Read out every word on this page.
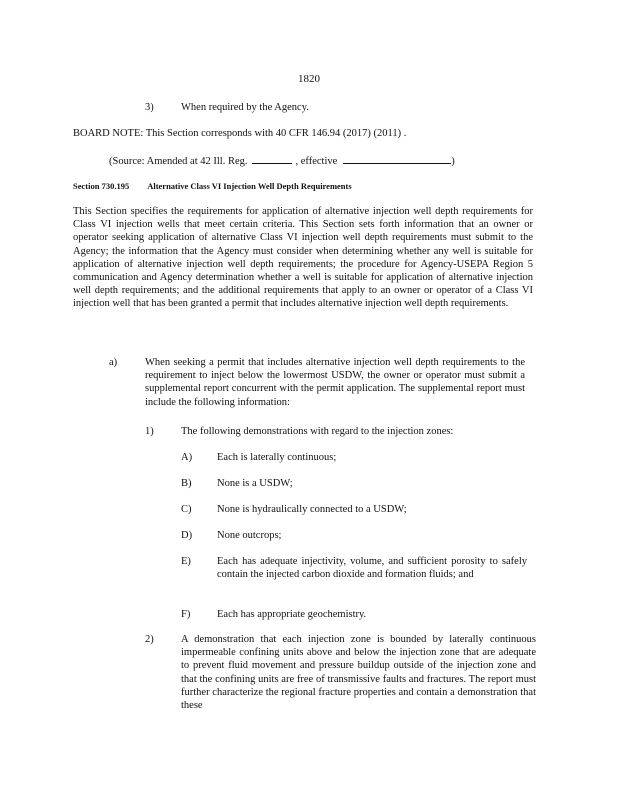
1820
3)	When required by the Agency.
BOARD NOTE: This Section corresponds with 40 CFR 146.94 (2017) (2011) .
(Source: Amended at 42 Ill. Reg.	, effective	)
Section 730.195 Alternative Class VI Injection Well Depth Requirements
This Section specifies the requirements for application of alternative injection well depth requirements for Class VI injection wells that meet certain criteria. This Section sets forth information that an owner or operator seeking application of alternative Class VI injection well depth requirements must submit to the Agency; the information that the Agency must consider when determining whether any well is suitable for application of alternative injection well depth requirements; the procedure for Agency-USEPA Region 5 communication and Agency determination whether a well is suitable for application of alternative injection well depth requirements; and the additional requirements that apply to an owner or operator of a Class VI injection well that has been granted a permit that includes alternative injection well depth requirements.
a)	When seeking a permit that includes alternative injection well depth requirements to the requirement to inject below the lowermost USDW, the owner or operator must submit a supplemental report concurrent with the permit application. The supplemental report must include the following information:
1)	The following demonstrations with regard to the injection zones:
A) Each is laterally continuous;
B) None is a USDW;
C) None is hydraulically connected to a USDW;
D) None outcrops;
E) Each has adequate injectivity, volume, and sufficient porosity to safely contain the injected carbon dioxide and formation fluids; and
F)	Each has appropriate geochemistry.
2)	A demonstration that each injection zone is bounded by laterally continuous impermeable confining units above and below the injection zone that are adequate to prevent fluid movement and pressure buildup outside of the injection zone and that the confining units are free of transmissive faults and fractures. The report must further characterize the regional fracture properties and contain a demonstration that these
